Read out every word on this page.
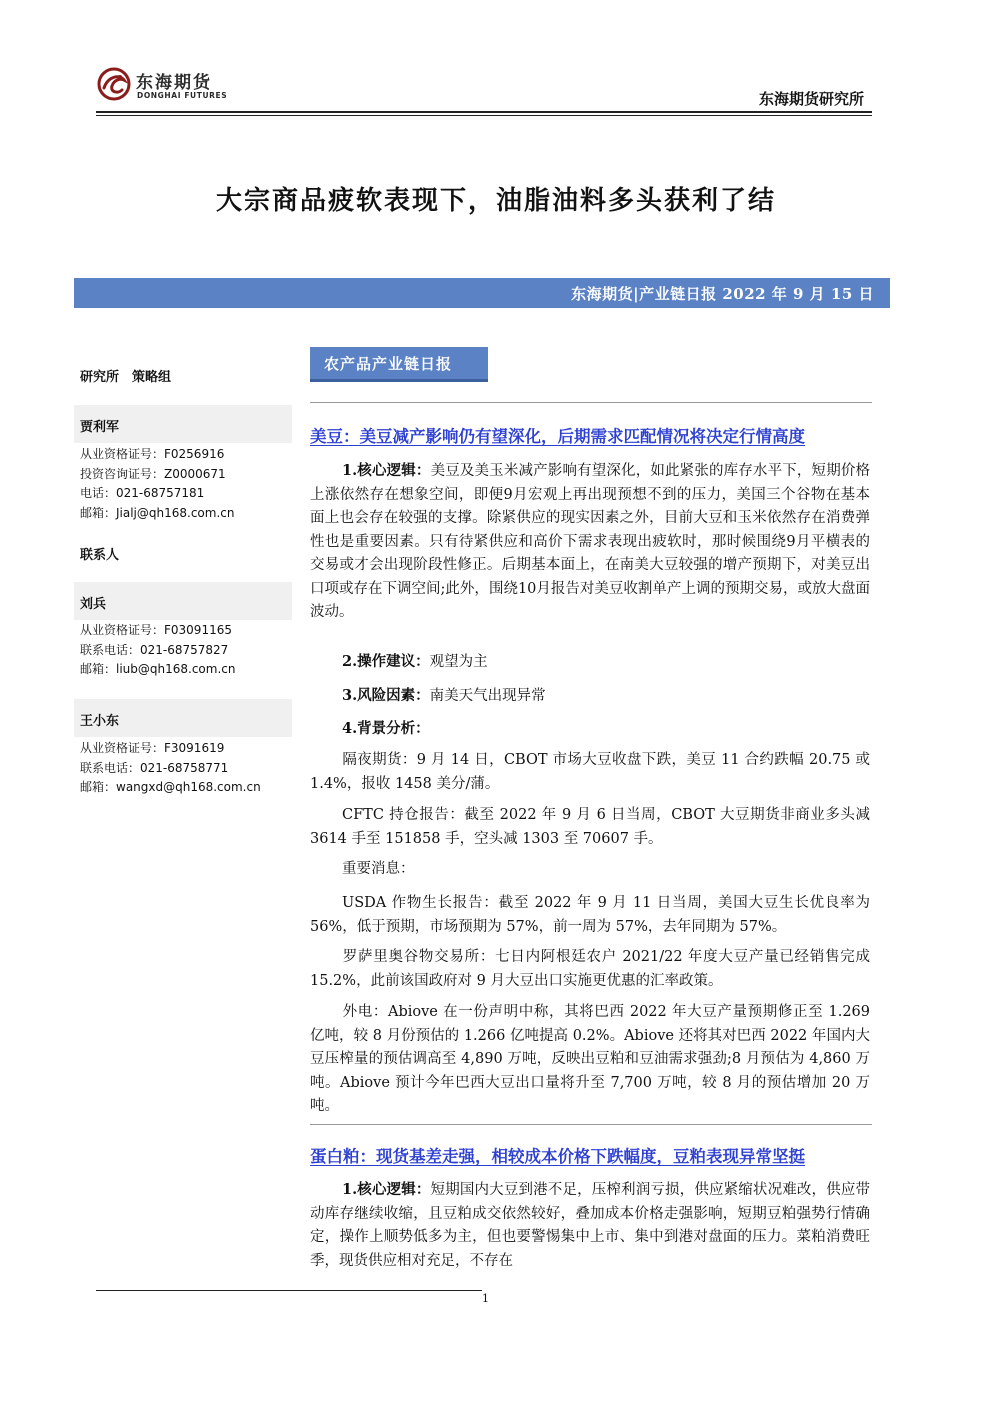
东海期货
DONGHAI FUTURES	东海期货研究所
大宗商品疲软表现下，油脂油料多头获利了结
东海期货|产业链日报 2022 年 9 月 15 日
研究所　策略组
贾利军
从业资格证号：F0256916
投资咨询证号：Z0000671
电话：021-68757181
邮箱：Jialj@qh168.com.cn
联系人
刘兵
从业资格证号：F03091165
联系电话：021-68757827
邮箱：liub@qh168.com.cn
王小东
从业资格证号：F3091619
联系电话：021-68758771
邮箱：wangxd@qh168.com.cn
农产品产业链日报
美豆：美豆减产影响仍有望深化，后期需求匹配情况将决定行情高度

1.核心逻辑：美豆及美玉米减产影响有望深化，如此紧张的库存水平下，短期价格上涨依然存在想象空间，即便9月宏观上再出现预想不到的压力，美国三个谷物在基本面上也会存在较强的支撑。除紧供应的现实因素之外，目前大豆和玉米依然存在消费弹性也是重要因素。只有待紧供应和高价下需求表现出疲软时，那时候围绕9月平横表的交易或才会出现阶段性修正。后期基本面上，在南美大豆较强的增产预期下，对美豆出口项或存在下调空间;此外，围绕10月报告对美豆收割单产上调的预期交易，或放大盘面波动。

2.操作建议：观望为主

3.风险因素：南美天气出现异常

4.背景分析：

隔夜期货：9 月 14 日，CBOT 市场大豆收盘下跌，美豆 11 合约跌幅 20.75 或 1.4%，报收 1458 美分/蒲。

CFTC 持仓报告：截至 2022 年 9 月 6 日当周，CBOT 大豆期货非商业多头减 3614 手至 151858 手，空头减 1303 至 70607 手。

重要消息：

USDA 作物生长报告：截至 2022 年 9 月 11 日当周，美国大豆生长优良率为 56%，低于预期，市场预期为 57%，前一周为 57%，去年同期为 57%。

罗萨里奥谷物交易所：七日内阿根廷农户 2021/22 年度大豆产量已经销售完成 15.2%，此前该国政府对 9 月大豆出口实施更优惠的汇率政策。

外电：Abiove 在一份声明中称，其将巴西 2022 年大豆产量预期修正至 1.269 亿吨，较 8 月份预估的 1.266 亿吨提高 0.2%。Abiove 还将其对巴西 2022 年国内大豆压榨量的预估调高至 4,890 万吨，反映出豆粕和豆油需求强劲;8 月预估为 4,860 万吨。Abiove 预计今年巴西大豆出口量将升至 7,700 万吨，较 8 月的预估增加 20 万吨。

蛋白粕：现货基差走强，相较成本价格下跌幅度，豆粕表现异常坚挺

1.核心逻辑：短期国内大豆到港不足，压榨利润亏损，供应紧缩状况难改，供应带动库存继续收缩，且豆粕成交依然较好，叠加成本价格走强影响，短期豆粕强势行情确定，操作上顺势低多为主，但也要警惕集中上市、集中到港对盘面的压力。菜粕消费旺季，现货供应相对充足，不存在

1
